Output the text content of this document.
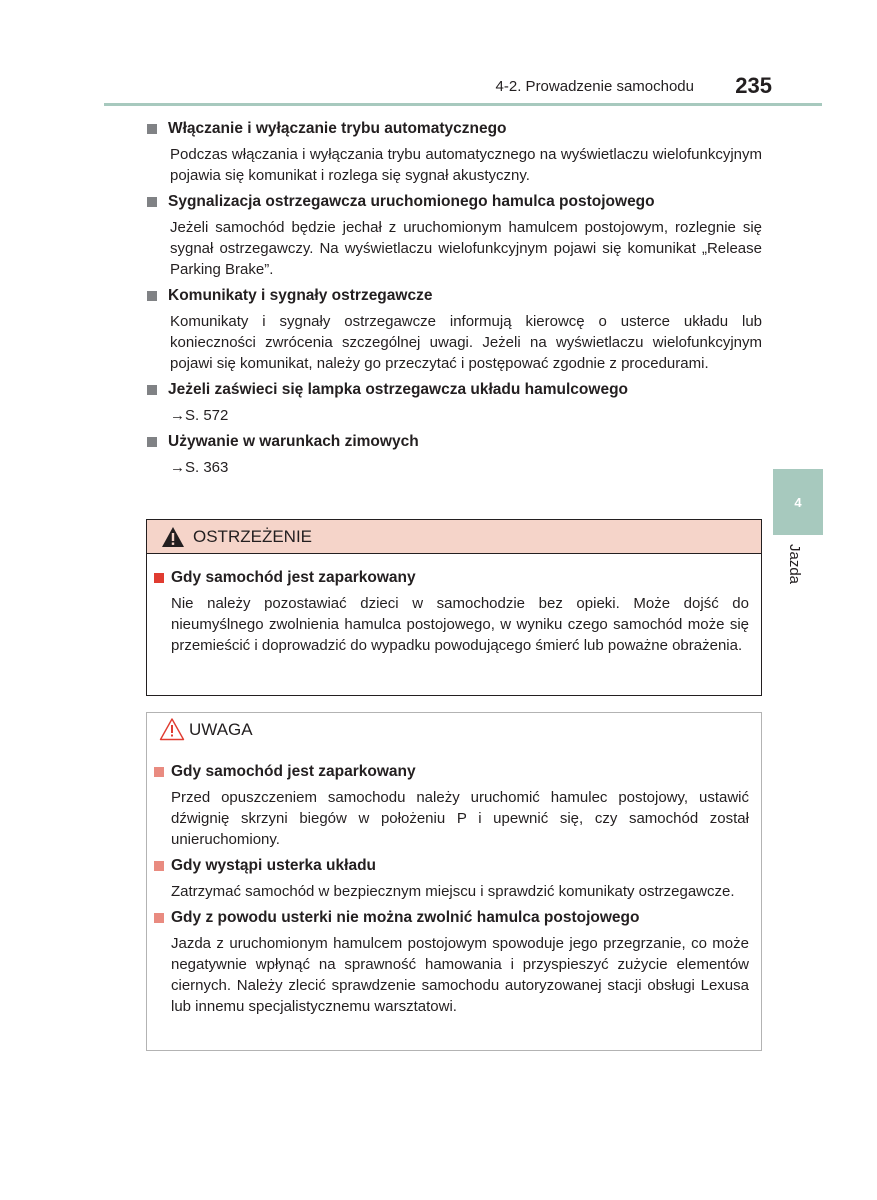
4-2. Prowadzenie samochodu 235
4
Jazda
Włączanie i wyłączanie trybu automatycznego
Podczas włączania i wyłączania trybu automatycznego na wyświetlaczu wielofunkcyjnym pojawia się komunikat i rozlega się sygnał akustyczny.
Sygnalizacja ostrzegawcza uruchomionego hamulca postojowego
Jeżeli samochód będzie jechał z uruchomionym hamulcem postojowym, rozlegnie się sygnał ostrzegawczy. Na wyświetlaczu wielofunkcyjnym pojawi się komunikat „Release Parking Brake”.
Komunikaty i sygnały ostrzegawcze
Komunikaty i sygnały ostrzegawcze informują kierowcę o usterce układu lub konieczności zwrócenia szczególnej uwagi. Jeżeli na wyświetlaczu wielofunkcyjnym pojawi się komunikat, należy go przeczytać i postępować zgodnie z procedurami.
Jeżeli zaświeci się lampka ostrzegawcza układu hamulcowego
→S. 572
Używanie w warunkach zimowych
→S. 363
OSTRZEŻENIE
Gdy samochód jest zaparkowany
Nie należy pozostawiać dzieci w samochodzie bez opieki. Może dojść do nieumyślnego zwolnienia hamulca postojowego, w wyniku czego samochód może się przemieścić i doprowadzić do wypadku powodującego śmierć lub poważne obrażenia.
UWAGA
Gdy samochód jest zaparkowany
Przed opuszczeniem samochodu należy uruchomić hamulec postojowy, ustawić dźwignię skrzyni biegów w położeniu P i upewnić się, czy samochód został unieruchomiony.
Gdy wystąpi usterka układu
Zatrzymać samochód w bezpiecznym miejscu i sprawdzić komunikaty ostrzegawcze.
Gdy z powodu usterki nie można zwolnić hamulca postojowego
Jazda z uruchomionym hamulcem postojowym spowoduje jego przegrzanie, co może negatywnie wpłynąć na sprawność hamowania i przyspieszyć zużycie elementów ciernych. Należy zlecić sprawdzenie samochodu autoryzowanej stacji obsługi Lexusa lub innemu specjalistycznemu warsztatowi.
